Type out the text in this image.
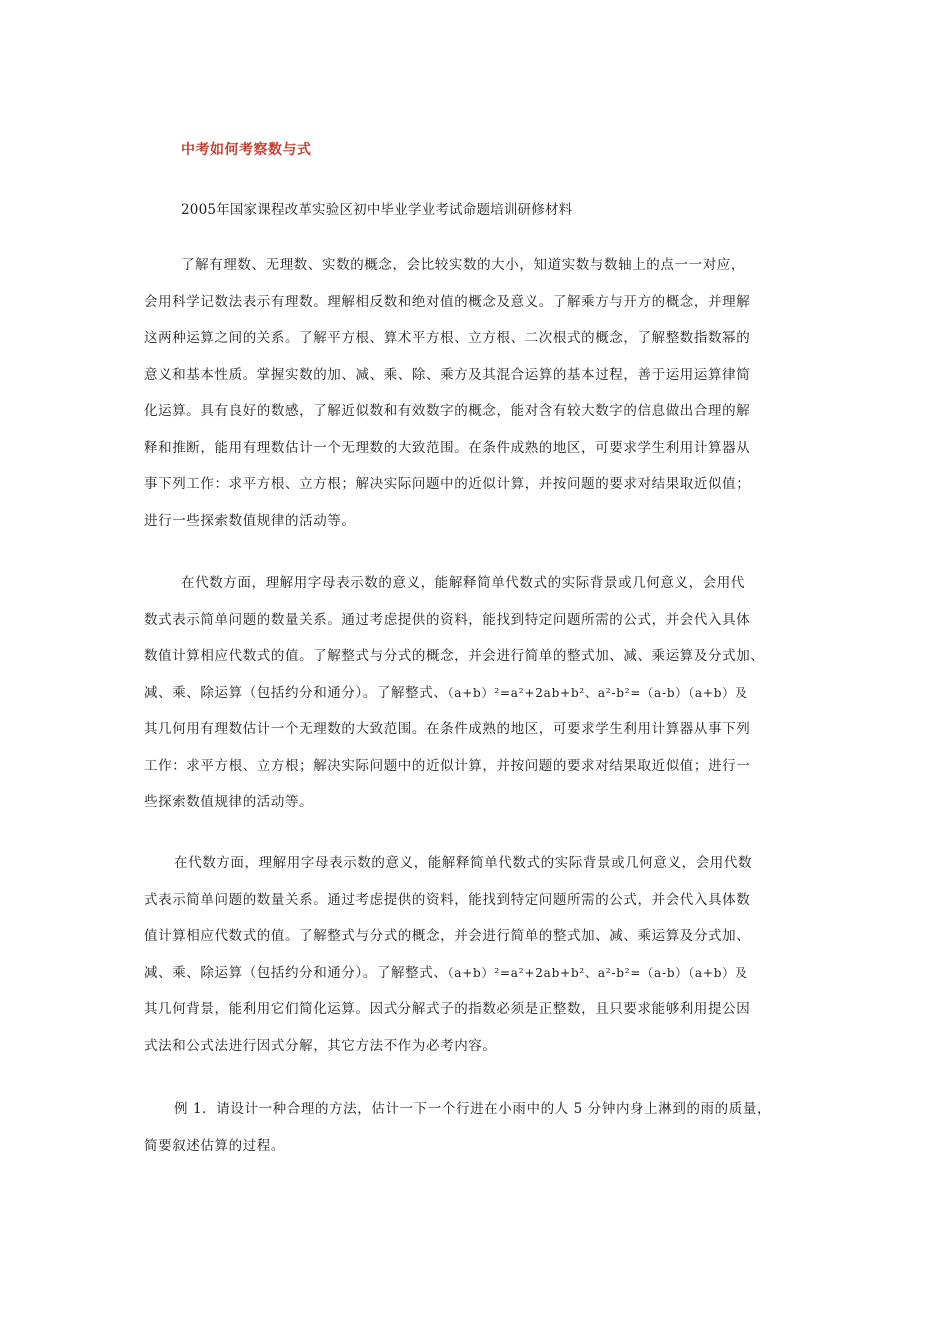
中考如何考察数与式
2005年国家课程改革实验区初中毕业学业考试命题培训研修材料
了解有理数、无理数、实数的概念，会比较实数的大小，知道实数与数轴上的点一一对应，
会用科学记数法表示有理数。理解相反数和绝对值的概念及意义。了解乘方与开方的概念，并理解
这两种运算之间的关系。了解平方根、算术平方根、立方根、二次根式的概念，了解整数指数幂的
意义和基本性质。掌握实数的加、减、乘、除、乘方及其混合运算的基本过程，善于运用运算律简
化运算。具有良好的数感，了解近似数和有效数字的概念，能对含有较大数字的信息做出合理的解
释和推断，能用有理数估计一个无理数的大致范围。在条件成熟的地区，可要求学生利用计算器从
事下列工作：求平方根、立方根；解决实际问题中的近似计算，并按问题的要求对结果取近似值；
进行一些探索数值规律的活动等。
在代数方面，理解用字母表示数的意义，能解释简单代数式的实际背景或几何意义，会用代
数式表示简单问题的数量关系。通过考虑提供的资料，能找到特定问题所需的公式，并会代入具体
数值计算相应代数式的值。了解整式与分式的概念，并会进行简单的整式加、减、乘运算及分式加、
减、乘、除运算（包括约分和通分）。了解整式、（a+b）²=a²+2ab+b²、a²-b²=（a-b）（a+b）及
其几何用有理数估计一个无理数的大致范围。在条件成熟的地区，可要求学生利用计算器从事下列
工作：求平方根、立方根；解决实际问题中的近似计算，并按问题的要求对结果取近似值；进行一
些探索数值规律的活动等。
在代数方面，理解用字母表示数的意义，能解释简单代数式的实际背景或几何意义，会用代数
式表示简单问题的数量关系。通过考虑提供的资料，能找到特定问题所需的公式，并会代入具体数
值计算相应代数式的值。了解整式与分式的概念，并会进行简单的整式加、减、乘运算及分式加、
减、乘、除运算（包括约分和通分）。了解整式、（a+b）²=a²+2ab+b²、a²-b²=（a-b）（a+b）及
其几何背景，能利用它们简化运算。因式分解式子的指数必须是正整数，且只要求能够利用提公因
式法和公式法进行因式分解，其它方法不作为必考内容。
例 1．请设计一种合理的方法，估计一下一个行进在小雨中的人 5 分钟内身上淋到的雨的质量，
简要叙述估算的过程。
